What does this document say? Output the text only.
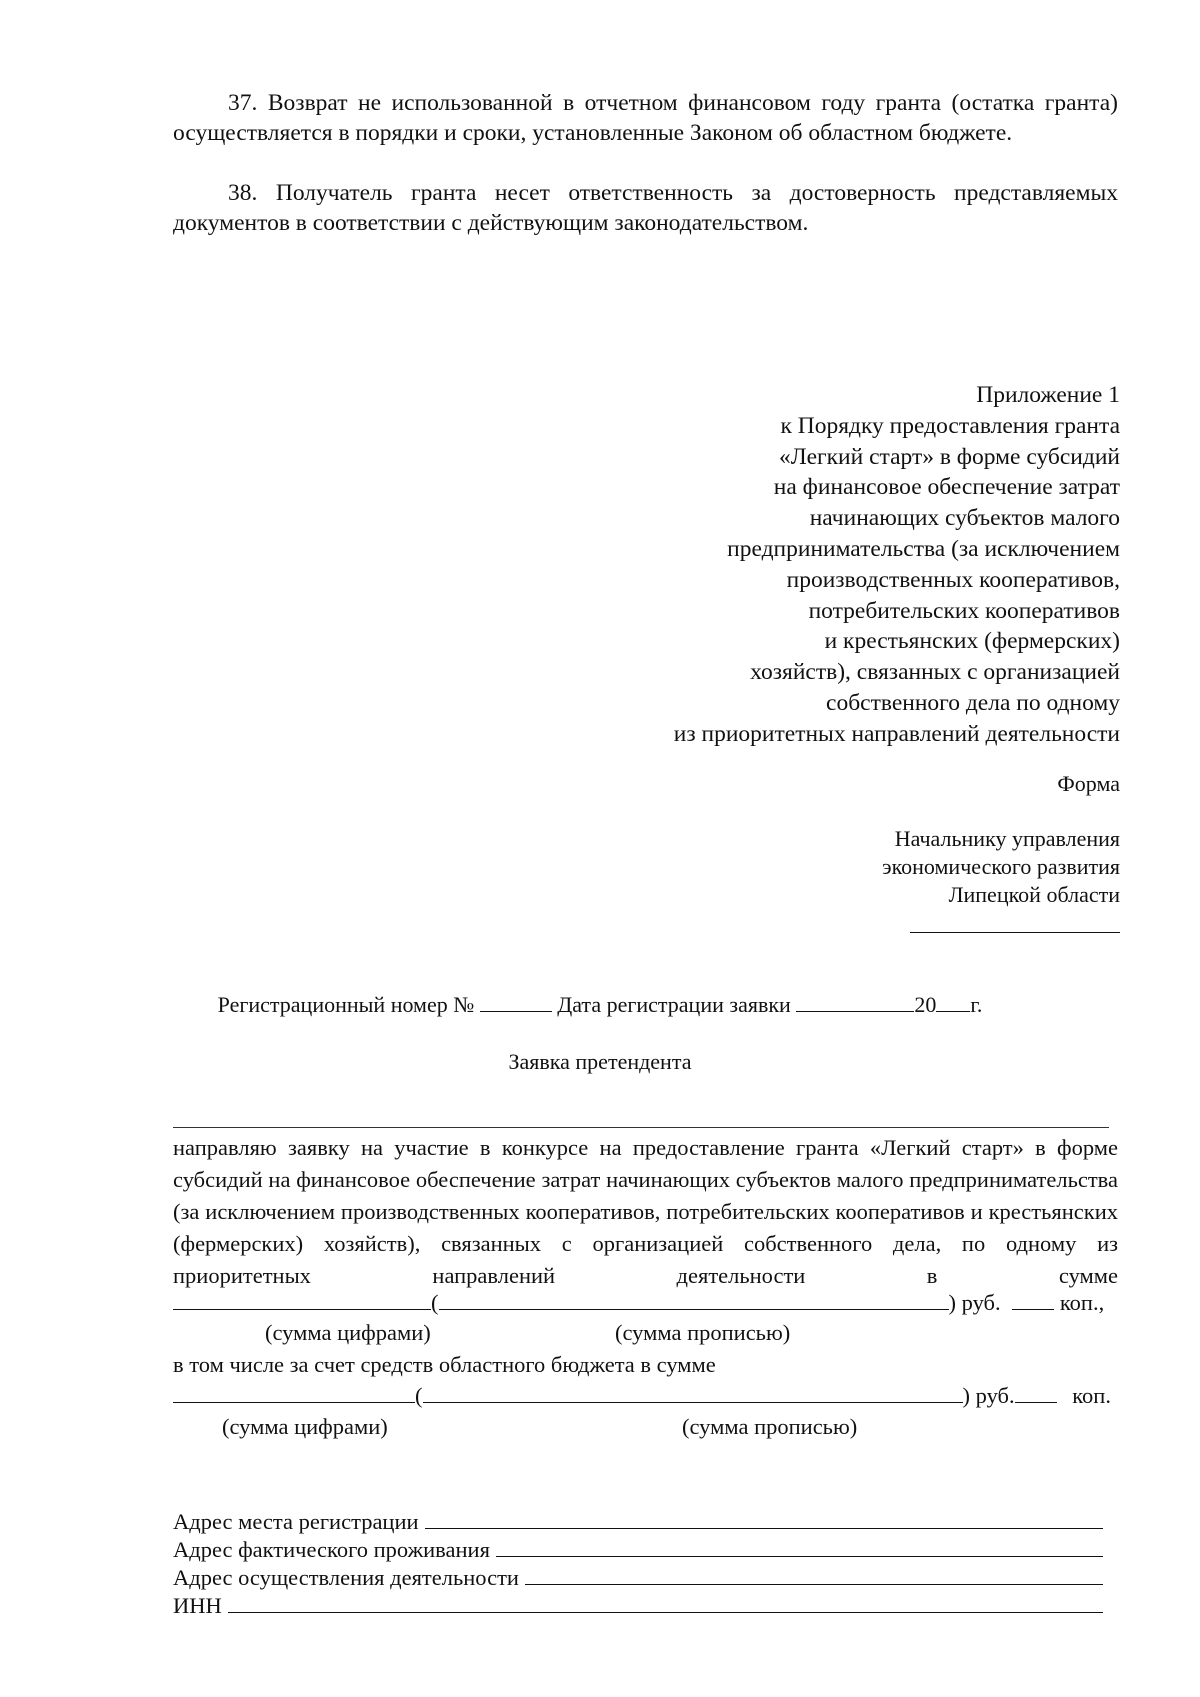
37. Возврат не использованной в отчетном финансовом году гранта (остатка гранта) осуществляется в порядки и сроки, установленные Законом об областном бюджете.
38. Получатель гранта несет ответственность за достоверность представляемых документов в соответствии с действующим законодательством.
Приложение 1
к Порядку предоставления гранта
«Легкий старт» в форме субсидий
на финансовое обеспечение затрат
начинающих субъектов малого
предпринимательства (за исключением
производственных кооперативов,
потребительских кооперативов
и крестьянских (фермерских)
хозяйств), связанных с организацией
собственного дела по одному
из приоритетных направлений деятельности
Форма
Начальнику управления
экономического развития
Липецкой области
Регистрационный номер №	Дата регистрации заявки	20 г.
Заявка претендента
направляю заявку на участие в конкурсе на предоставление гранта «Легкий старт» в форме субсидий на финансовое обеспечение затрат начинающих субъектов малого предпринимательства (за исключением производственных кооперативов, потребительских кооперативов и крестьянских (фермерских) хозяйств), связанных с организацией собственного дела, по одному из приоритетных направлений деятельности в сумме
(	) руб.	коп.,
(сумма цифрами)	(сумма прописью)
в том числе за счет средств областного бюджета в сумме
(	) руб.	коп.
(сумма цифрами)	(сумма прописью)
Адрес места регистрации
Адрес фактического проживания
Адрес осуществления деятельности
ИНН
